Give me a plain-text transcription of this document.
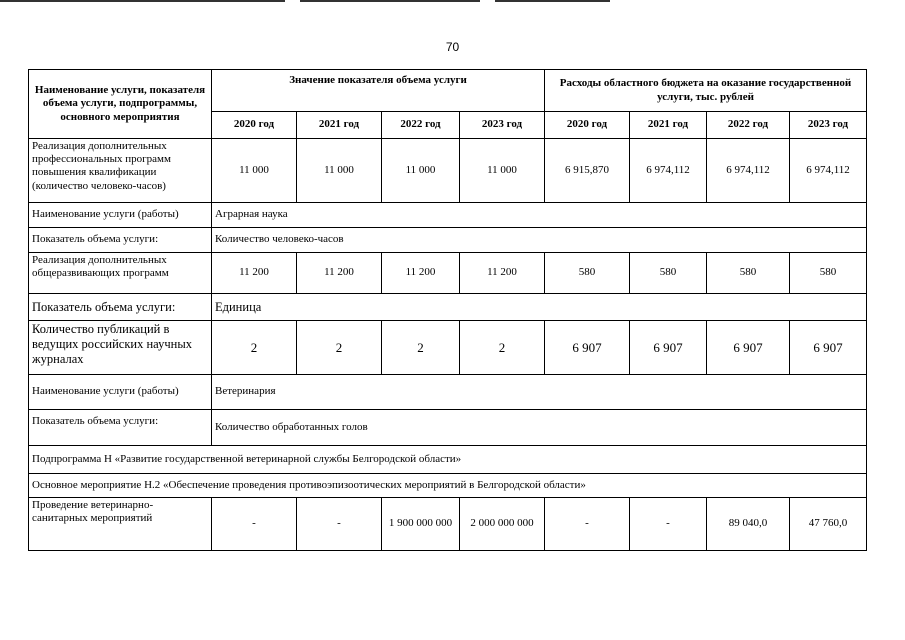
70
Наименование услуги, показателя объема услуги, подпрограммы, основного мероприятия	Значение показателя объема услуги				Расходы областного бюджета на оказание государственной услуги, тыс. рублей			
	2020 год	2021 год	2022 год	2023 год	2020 год	2021 год	2022 год	2023 год
Реализация дополнительных профессиональных программ повышения квалификации (количество человеко-часов)	11 000	11 000	11 000	11 000	6 915,870	6 974,112	6 974,112	6 974,112
Наименование услуги (работы)	Аграрная наука							
Показатель объема услуги:	Количество человеко-часов							
Реализация дополнительных общеразвивающих программ	11 200	11 200	11 200	11 200	580	580	580	580
Показатель объема услуги:	Единица							
Количество публикаций в ведущих российских научных журналах	2	2	2	2	6 907	6 907	6 907	6 907
Наименование услуги (работы)	Ветеринария							
Показатель объема услуги:	Количество обработанных голов							
Подпрограмма Н «Развитие государственной ветеринарной службы Белгородской области»								
Основное мероприятие Н.2 «Обеспечение проведения противоэпизоотических мероприятий в Белгородской области»								
Проведение ветеринарно-санитарных мероприятий	-	-	1 900 000 000	2 000 000 000	-	-	89 040,0	47 760,0
